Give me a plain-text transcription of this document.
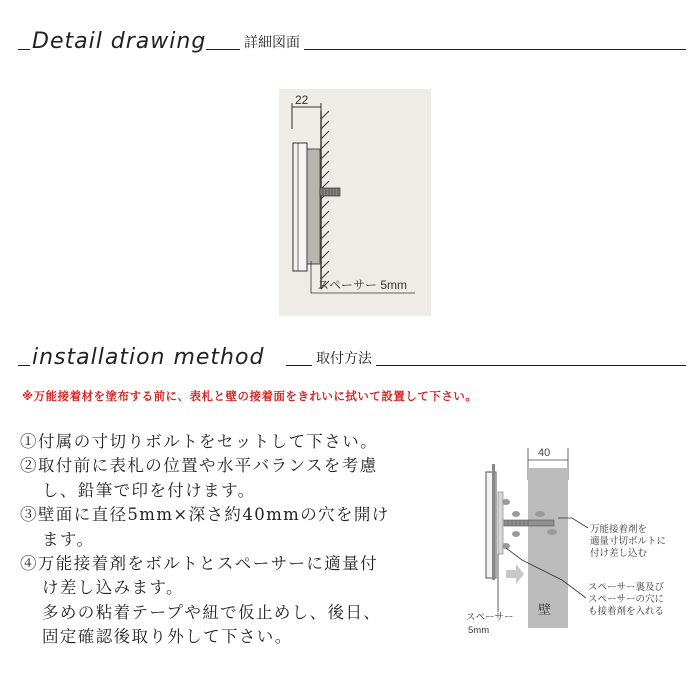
Detail drawing	詳細図面
22
スペーサー 5mm
installation method	取付方法
※万能接着材を塗布する前に、表札と壁の接着面をきれいに拭いて設置して下さい。
①付属の寸切りボルトをセットして下さい。
②取付前に表札の位置や水平バランスを考慮
し、鉛筆で印を付けます。
③壁面に直径5mm×深さ約40mmの穴を開け
ます。
④万能接着剤をボルトとスペーサーに適量付
け差し込みます。
多めの粘着テープや紐で仮止めし、後日、
固定確認後取り外して下さい。
40
壁
万能接着剤を
適量寸切ボルトに
付け差し込む
スペーサー裏及び
スペーサーの穴に
も接着剤を入れる
スペーサー
5mm
